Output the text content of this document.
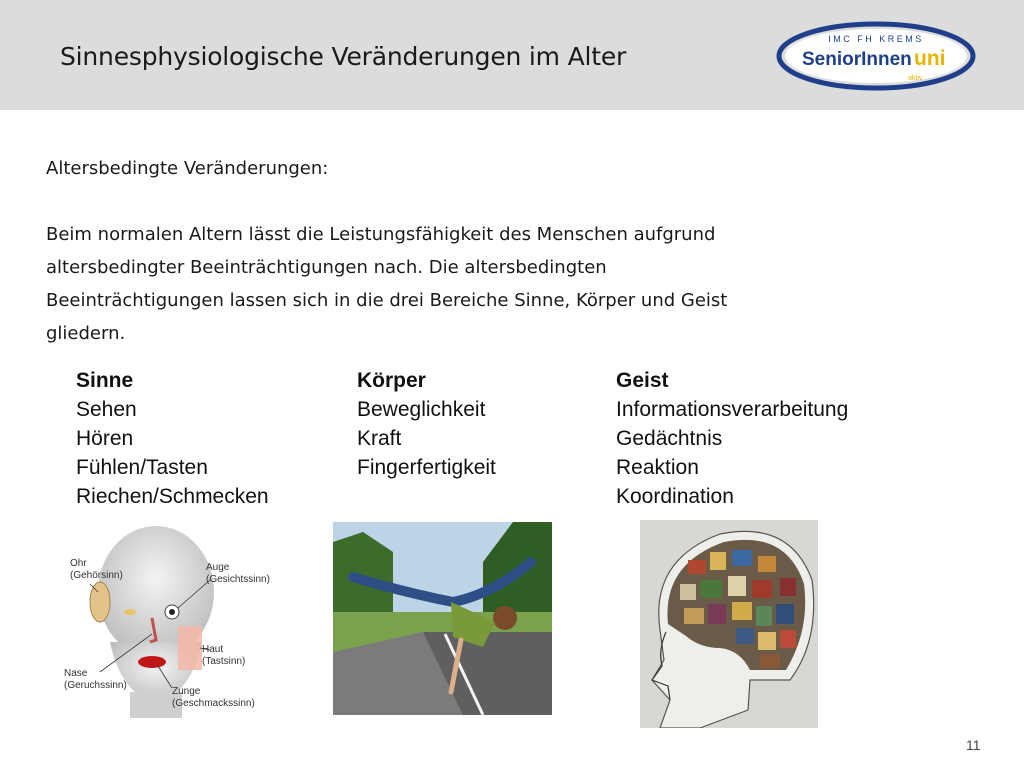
Sinnesphysiologische Veränderungen im Alter
IMC FH KREMS
SeniorInnen uni
aktiv

Altersbedingte Veränderungen:

Beim normalen Altern lässt die Leistungsfähigkeit des Menschen aufgrund

altersbedingter Beeinträchtigungen nach. Die altersbedingten

Beeinträchtigungen lassen sich in die drei Bereiche Sinne, Körper und Geist

gliedern.

Sinne
Sehen
Hören
Fühlen/Tasten
Riechen/Schmecken
Körper
Beweglichkeit
Kraft
Fingerfertigkeit
Geist
Informationsverarbeitung
Gedächtnis
Reaktion
Koordination
Ohr
(Gehörsinn)
Auge
(Gesichtssinn)
Haut
(Tastsinn)
Nase
(Geruchssinn)
Zunge
(Geschmackssinn)
11
